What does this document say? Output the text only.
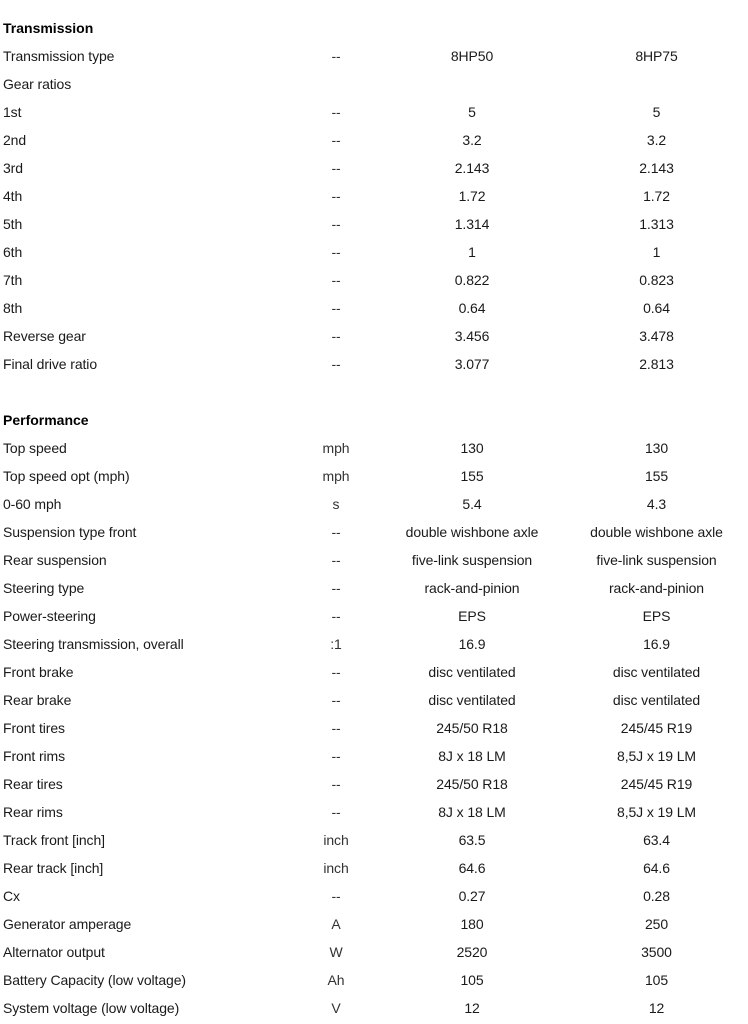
Transmission
Transmission type	--	8HP50	8HP75
Gear ratios
1st	--	5	5
2nd	--	3.2	3.2
3rd	--	2.143	2.143
4th	--	1.72	1.72
5th	--	1.314	1.313
6th	--	1	1
7th	--	0.822	0.823
8th	--	0.64	0.64
Reverse gear	--	3.456	3.478
Final drive ratio	--	3.077	2.813
Performance
Top speed	mph	130	130
Top speed opt (mph)	mph	155	155
0-60 mph	s	5.4	4.3
Suspension type front	--	double wishbone axle	double wishbone axle
Rear suspension	--	five-link suspension	five-link suspension
Steering type	--	rack-and-pinion	rack-and-pinion
Power-steering	--	EPS	EPS
Steering transmission, overall	:1	16.9	16.9
Front brake	--	disc ventilated	disc ventilated
Rear brake	--	disc ventilated	disc ventilated
Front tires	--	245/50 R18	245/45 R19
Front rims	--	8J x 18 LM	8,5J x 19 LM
Rear tires	--	245/50 R18	245/45 R19
Rear rims	--	8J x 18 LM	8,5J x 19 LM
Track front [inch]	inch	63.5	63.4
Rear track [inch]	inch	64.6	64.6
Cx	--	0.27	0.28
Generator amperage	A	180	250
Alternator output	W	2520	3500
Battery Capacity (low voltage)	Ah	105	105
System voltage (low voltage)	V	12	12
